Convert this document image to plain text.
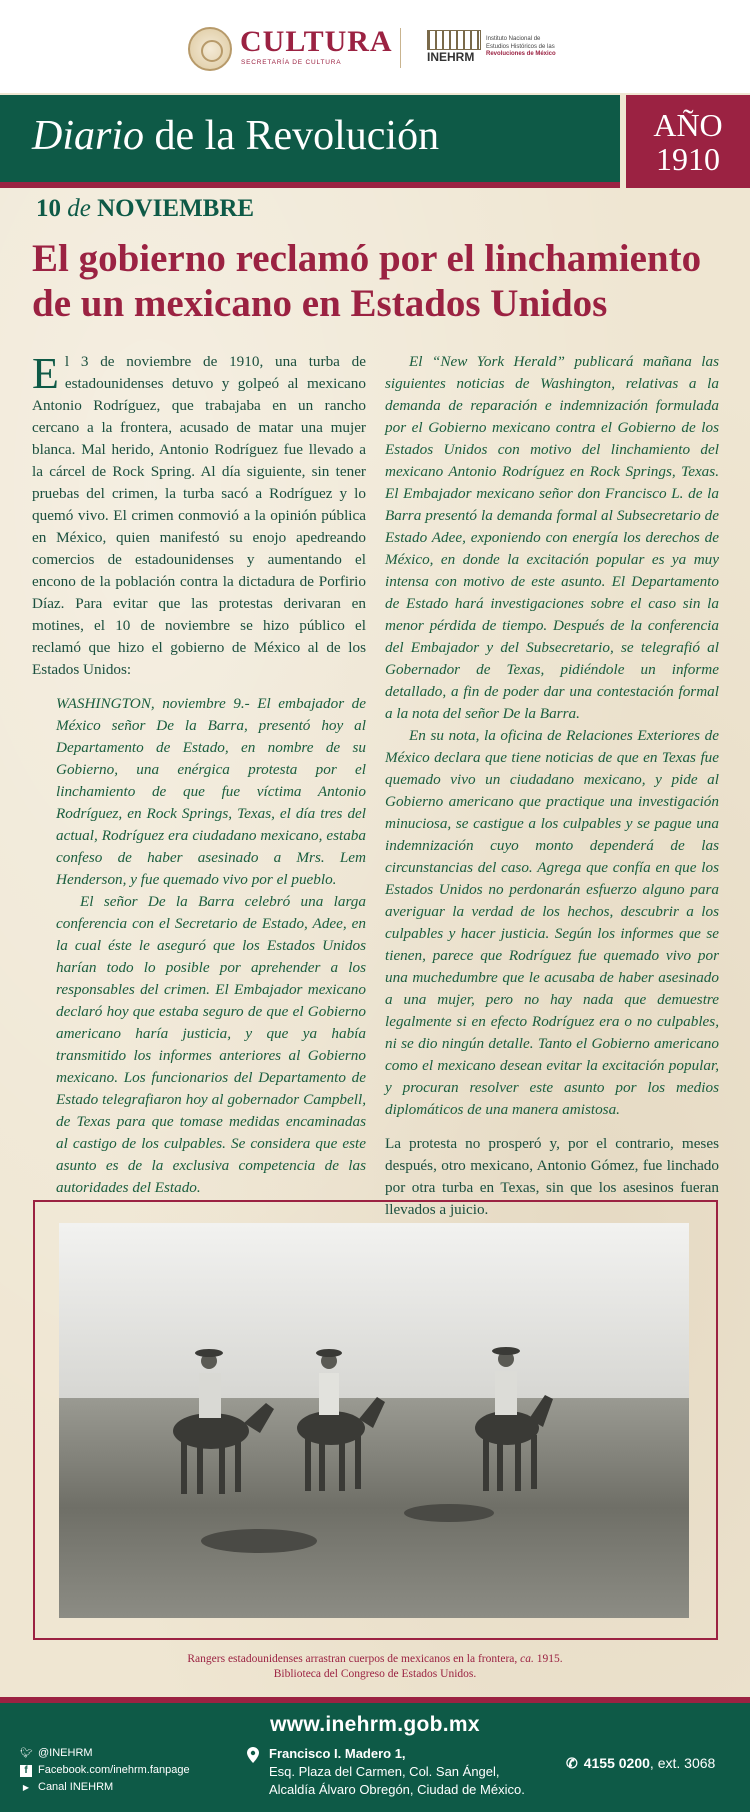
CULTURA
SECRETARÍA DE CULTURA	INEHRM
Instituto Nacional de
Estudios Históricos de las
Revoluciones de México
Diario de la Revolución	AÑO
1910
10 de NOVIEMBRE
El gobierno reclamó por el linchamiento de un mexicano en Estados Unidos

El 3 de noviembre de 1910, una turba de estadounidenses detuvo y golpeó al mexicano Antonio Rodríguez, que trabajaba en un rancho cercano a la frontera, acusado de matar una mujer blanca. Mal herido, Antonio Rodríguez fue llevado a la cárcel de Rock Spring. Al día siguiente, sin tener pruebas del crimen, la turba sacó a Rodríguez y lo quemó vivo. El crimen conmovió a la opinión pública en México, quien manifestó su enojo apedreando comercios de estadounidenses y aumentando el encono de la población contra la dictadura de Porfirio Díaz. Para evitar que las protestas derivaran en motines, el 10 de noviembre se hizo público el reclamó que hizo el gobierno de México al de los Estados Unidos:

WASHINGTON, noviembre 9.- El embajador de México señor De la Barra, presentó hoy al Departamento de Estado, en nombre de su Gobierno, una enérgica protesta por el linchamiento de que fue víctima Antonio Rodríguez, en Rock Springs, Texas, el día tres del actual, Rodríguez era ciudadano mexicano, estaba confeso de haber asesinado a Mrs. Lem Henderson, y fue quemado vivo por el pueblo.

El señor De la Barra celebró una larga conferencia con el Secretario de Estado, Adee, en la cual éste le aseguró que los Estados Unidos harían todo lo posible por aprehender a los responsables del crimen. El Embajador mexicano declaró hoy que estaba seguro de que el Gobierno americano haría justicia, y que ya había transmitido los informes anteriores al Gobierno mexicano. Los funcionarios del Departamento de Estado telegrafiaron hoy al gobernador Campbell, de Texas para que tomase medidas encaminadas al castigo de los culpables. Se considera que este asunto es de la exclusiva competencia de las autoridades del Estado.

El “New York Herald” publicará mañana las siguientes noticias de Washington, relativas a la demanda de reparación e indemnización formulada por el Gobierno mexicano contra el Gobierno de los Estados Unidos con motivo del linchamiento del mexicano Antonio Rodríguez en Rock Springs, Texas. El Embajador mexicano señor don Francisco L. de la Barra presentó la demanda formal al Subsecretario de Estado Adee, exponiendo con energía los derechos de México, en donde la excitación popular es ya muy intensa con motivo de este asunto. El Departamento de Estado hará investigaciones sobre el caso sin la menor pérdida de tiempo. Después de la conferencia del Embajador y del Subsecretario, se telegrafió al Gobernador de Texas, pidiéndole un informe detallado, a fin de poder dar una contestación formal a la nota del señor De la Barra.

En su nota, la oficina de Relaciones Exteriores de México declara que tiene noticias de que en Texas fue quemado vivo un ciudadano mexicano, y pide al Gobierno americano que practique una investigación minuciosa, se castigue a los culpables y se pague una indemnización cuyo monto dependerá de las circunstancias del caso. Agrega que confía en que los Estados Unidos no perdonarán esfuerzo alguno para averiguar la verdad de los hechos, descubrir a los culpables y hacer justicia. Según los informes que se tienen, parece que Rodríguez fue quemado vivo por una muchedumbre que le acusaba de haber asesinado a una mujer, pero no hay nada que demuestre legalmente si en efecto Rodríguez era o no culpables, ni se dio ningún detalle. Tanto el Gobierno americano como el mexicano desean evitar la excitación popular, y procuran resolver este asunto por los medios diplomáticos de una manera amistosa.

La protesta no prosperó y, por el contrario, meses después, otro mexicano, Antonio Gómez, fue linchado por otra turba en Texas, sin que los asesinos fueran llevados a juicio.

Rangers estadounidenses arrastran cuerpos de mexicanos en la frontera, ca. 1915.
Biblioteca del Congreso de Estados Unidos.
www.inehrm.gob.mx
🐦︎ @INEHRM
f Facebook.com/inehrm.fanpage
▶ Canal INEHRM
Francisco I. Madero 1,
Esq. Plaza del Carmen, Col. San Ángel,
Alcaldía Álvaro Obregón, Ciudad de México.
✆ 4155 0200, ext. 3068
